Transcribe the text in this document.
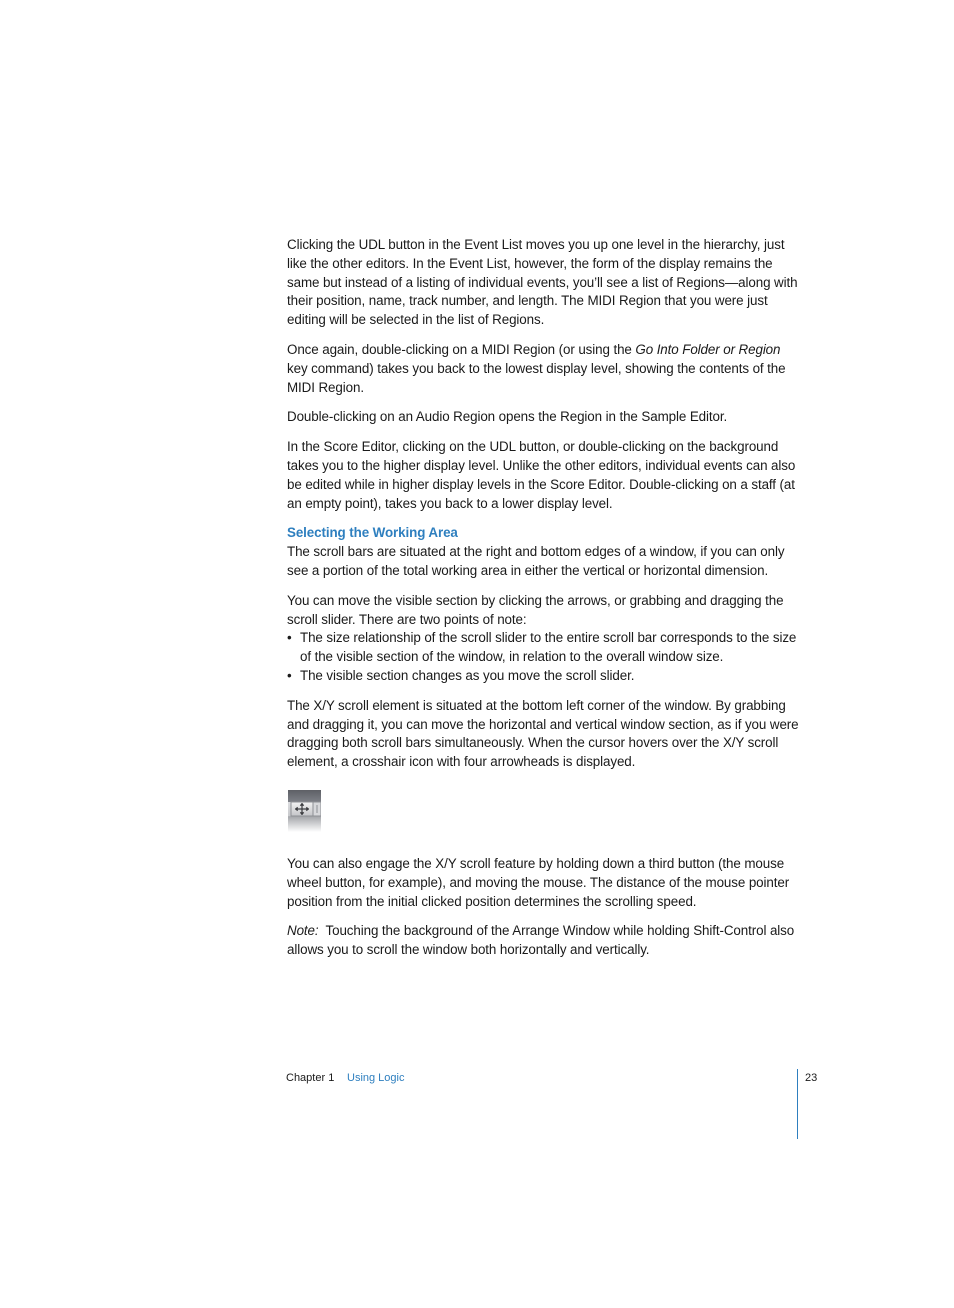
Clicking the UDL button in the Event List moves you up one level in the hierarchy, just like the other editors. In the Event List, however, the form of the display remains the same but instead of a listing of individual events, you’ll see a list of Regions—along with their position, name, track number, and length. The MIDI Region that you were just editing will be selected in the list of Regions.

Once again, double-clicking on a MIDI Region (or using the Go Into Folder or Region key command) takes you back to the lowest display level, showing the contents of the MIDI Region.

Double-clicking on an Audio Region opens the Region in the Sample Editor.

In the Score Editor, clicking on the UDL button, or double-clicking on the background takes you to the higher display level. Unlike the other editors, individual events can also be edited while in higher display levels in the Score Editor. Double-clicking on a staff (at an empty point), takes you back to a lower display level.

Selecting the Working Area

The scroll bars are situated at the right and bottom edges of a window, if you can only see a portion of the total working area in either the vertical or horizontal dimension.

You can move the visible section by clicking the arrows, or grabbing and dragging the scroll slider. There are two points of note:

• The size relationship of the scroll slider to the entire scroll bar corresponds to the size of the visible section of the window, in relation to the overall window size.
• The visible section changes as you move the scroll slider.

The X/Y scroll element is situated at the bottom left corner of the window. By grabbing and dragging it, you can move the horizontal and vertical window section, as if you were dragging both scroll bars simultaneously. When the cursor hovers over the X/Y scroll element, a crosshair icon with four arrowheads is displayed.

You can also engage the X/Y scroll feature by holding down a third button (the mouse wheel button, for example), and moving the mouse. The distance of the mouse pointer position from the initial clicked position determines the scrolling speed.

Note:  Touching the background of the Arrange Window while holding Shift-Control also allows you to scroll the window both horizontally and vertically.

Chapter 1 Using Logic	23
